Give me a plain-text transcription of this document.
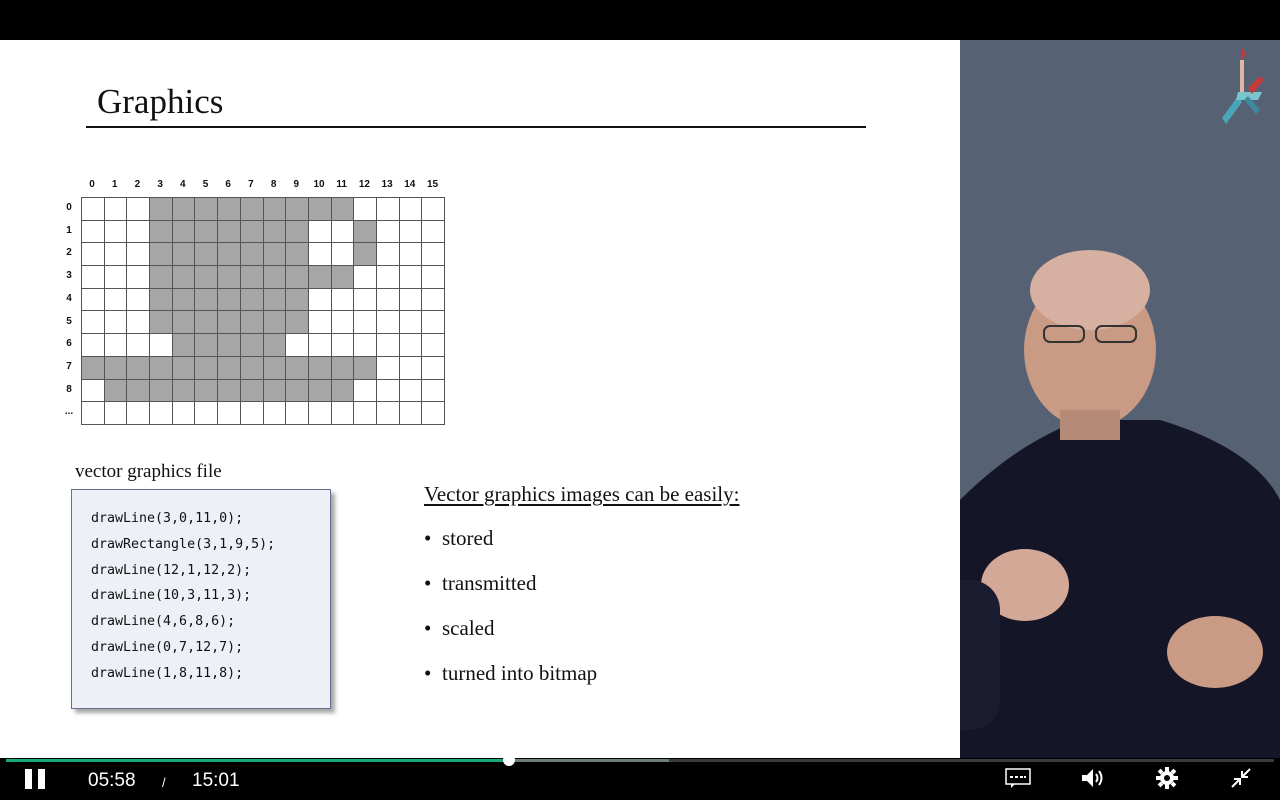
Graphics
0	1	2	3	4	5	6	7	8	9	10	11	12	13	14	15
0
1
2
3
4
5
6
7
8
...
vector graphics file
drawLine(3,0,11,0);
drawRectangle(3,1,9,5);
drawLine(12,1,12,2);
drawLine(10,3,11,3);
drawLine(4,6,8,6);
drawLine(0,7,12,7);
drawLine(1,8,11,8);
Vector graphics images can be easily:
• stored
• transmitted
• scaled
• turned into bitmap
05:58 / 15:01
